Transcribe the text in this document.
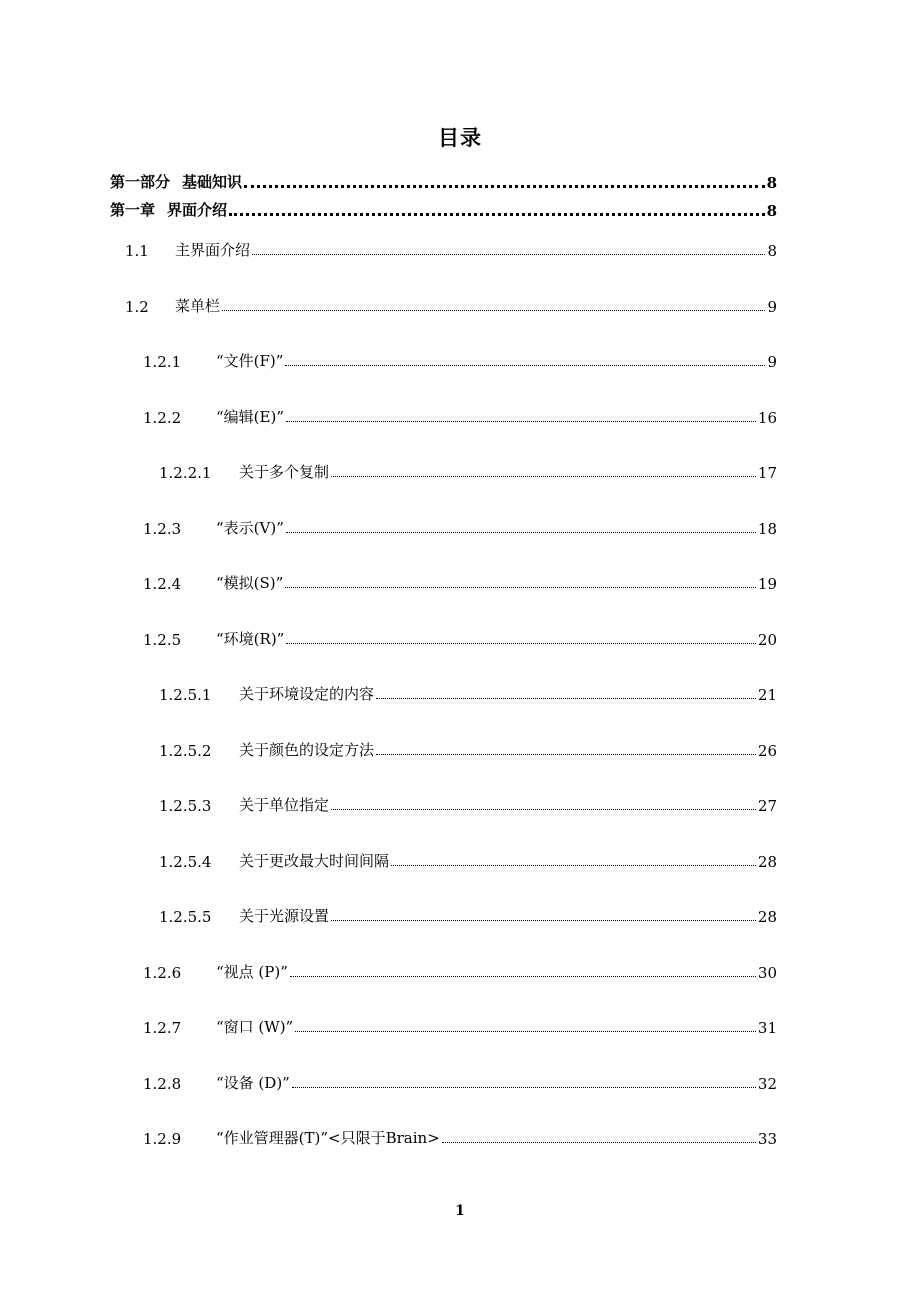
目录
第一部分 基础知识	8
第一章 界面介绍	8
1.1	主界面介绍	8
1.2	菜单栏	9
1.2.1	“文件(F)”	9
1.2.2	“编辑(E)”	16
1.2.2.1	关于多个复制	17
1.2.3	“表示(V)”	18
1.2.4	“模拟(S)”	19
1.2.5	“环境(R)”	20
1.2.5.1	关于环境设定的内容	21
1.2.5.2	关于颜色的设定方法	26
1.2.5.3	关于单位指定	27
1.2.5.4	关于更改最大时间间隔	28
1.2.5.5	关于光源设置	28
1.2.6	“视点 (P)”	30
1.2.7	“窗口 (W)”	31
1.2.8	“设备 (D)”	32
1.2.9	“作业管理器(T)”<只限于Brain>	33
1
